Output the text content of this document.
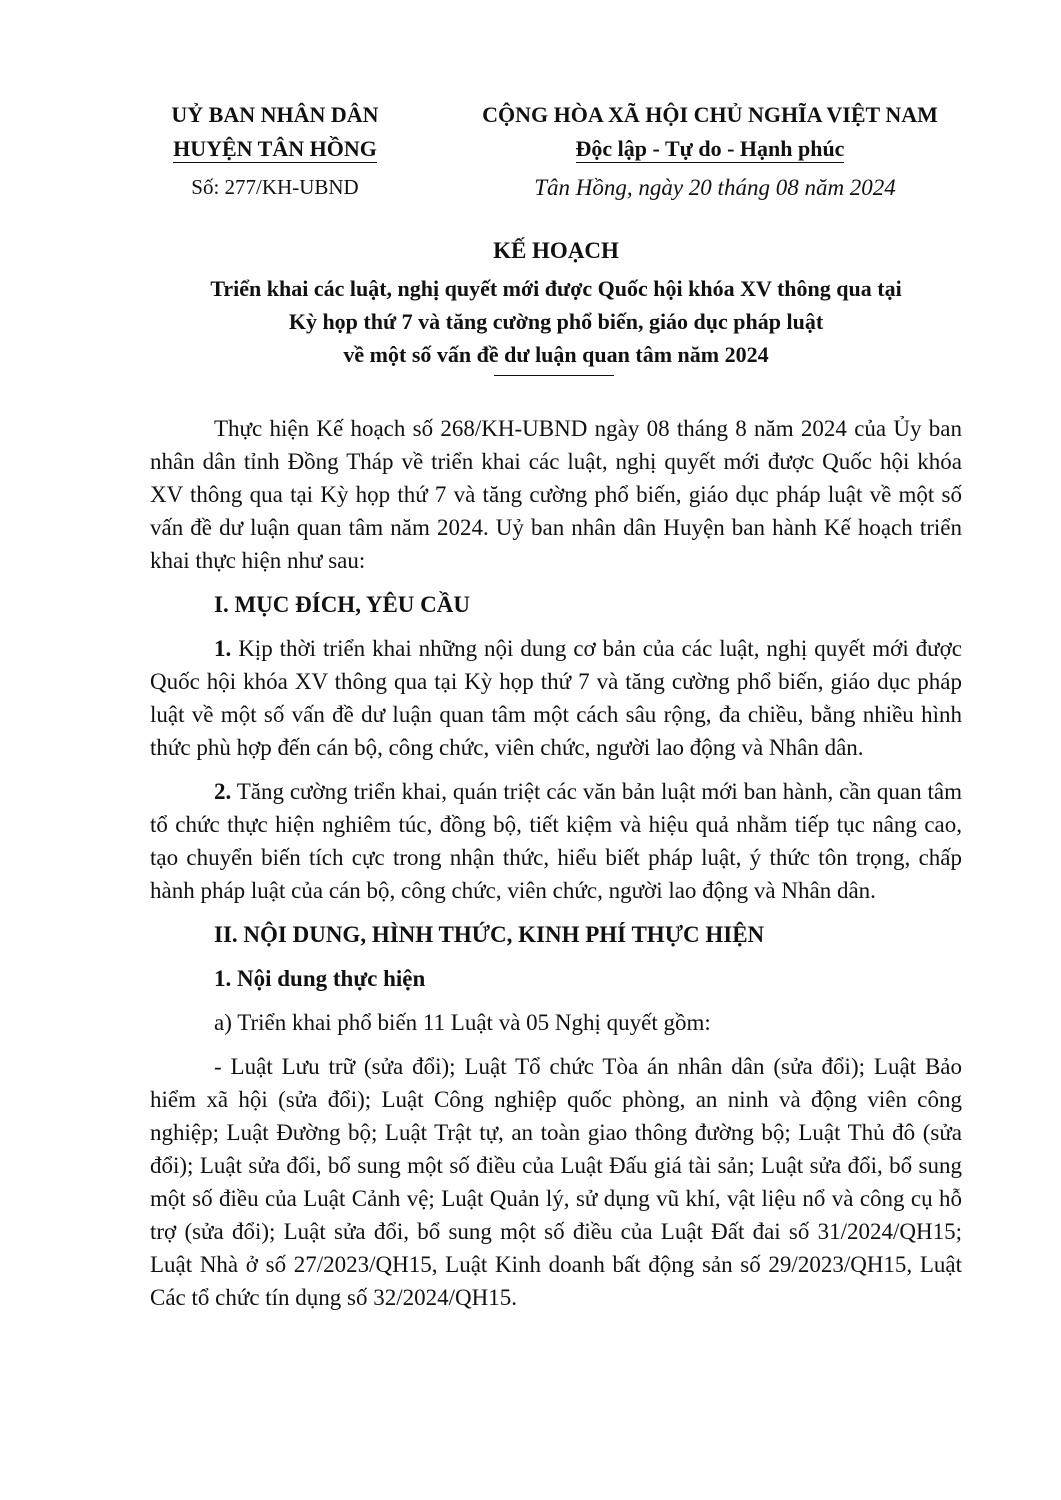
UỶ BAN NHÂN DÂN
HUYỆN TÂN HỒNG
Số: 277/KH-UBND
CỘNG HÒA XÃ HỘI CHỦ NGHĨA VIỆT NAM
Độc lập - Tự do - Hạnh phúc
Tân Hồng, ngày 20 tháng 08 năm 2024
KẾ HOẠCH
Triển khai các luật, nghị quyết mới được Quốc hội khóa XV thông qua tại
Kỳ họp thứ 7 và tăng cường phổ biến, giáo dục pháp luật
về một số vấn đề dư luận quan tâm năm 2024

Thực hiện Kế hoạch số 268/KH-UBND ngày 08 tháng 8 năm 2024 của Ủy ban nhân dân tỉnh Đồng Tháp về triển khai các luật, nghị quyết mới được Quốc hội khóa XV thông qua tại Kỳ họp thứ 7 và tăng cường phổ biến, giáo dục pháp luật về một số vấn đề dư luận quan tâm năm 2024. Uỷ ban nhân dân Huyện ban hành Kế hoạch triển khai thực hiện như sau:

I. MỤC ĐÍCH, YÊU CẦU

1. Kịp thời triển khai những nội dung cơ bản của các luật, nghị quyết mới được Quốc hội khóa XV thông qua tại Kỳ họp thứ 7 và tăng cường phổ biến, giáo dục pháp luật về một số vấn đề dư luận quan tâm một cách sâu rộng, đa chiều, bằng nhiều hình thức phù hợp đến cán bộ, công chức, viên chức, người lao động và Nhân dân.

2. Tăng cường triển khai, quán triệt các văn bản luật mới ban hành, cần quan tâm tổ chức thực hiện nghiêm túc, đồng bộ, tiết kiệm và hiệu quả nhằm tiếp tục nâng cao, tạo chuyển biến tích cực trong nhận thức, hiểu biết pháp luật, ý thức tôn trọng, chấp hành pháp luật của cán bộ, công chức, viên chức, người lao động và Nhân dân.

II. NỘI DUNG, HÌNH THỨC, KINH PHÍ THỰC HIỆN

1. Nội dung thực hiện

a) Triển khai phổ biến 11 Luật và 05 Nghị quyết gồm:

- Luật Lưu trữ (sửa đổi); Luật Tổ chức Tòa án nhân dân (sửa đổi); Luật Bảo hiểm xã hội (sửa đổi); Luật Công nghiệp quốc phòng, an ninh và động viên công nghiệp; Luật Đường bộ; Luật Trật tự, an toàn giao thông đường bộ; Luật Thủ đô (sửa đổi); Luật sửa đổi, bổ sung một số điều của Luật Đấu giá tài sản; Luật sửa đổi, bổ sung một số điều của Luật Cảnh vệ; Luật Quản lý, sử dụng vũ khí, vật liệu nổ và công cụ hỗ trợ (sửa đổi); Luật sửa đổi, bổ sung một số điều của Luật Đất đai số 31/2024/QH15; Luật Nhà ở số 27/2023/QH15, Luật Kinh doanh bất động sản số 29/2023/QH15, Luật Các tổ chức tín dụng số 32/2024/QH15.
